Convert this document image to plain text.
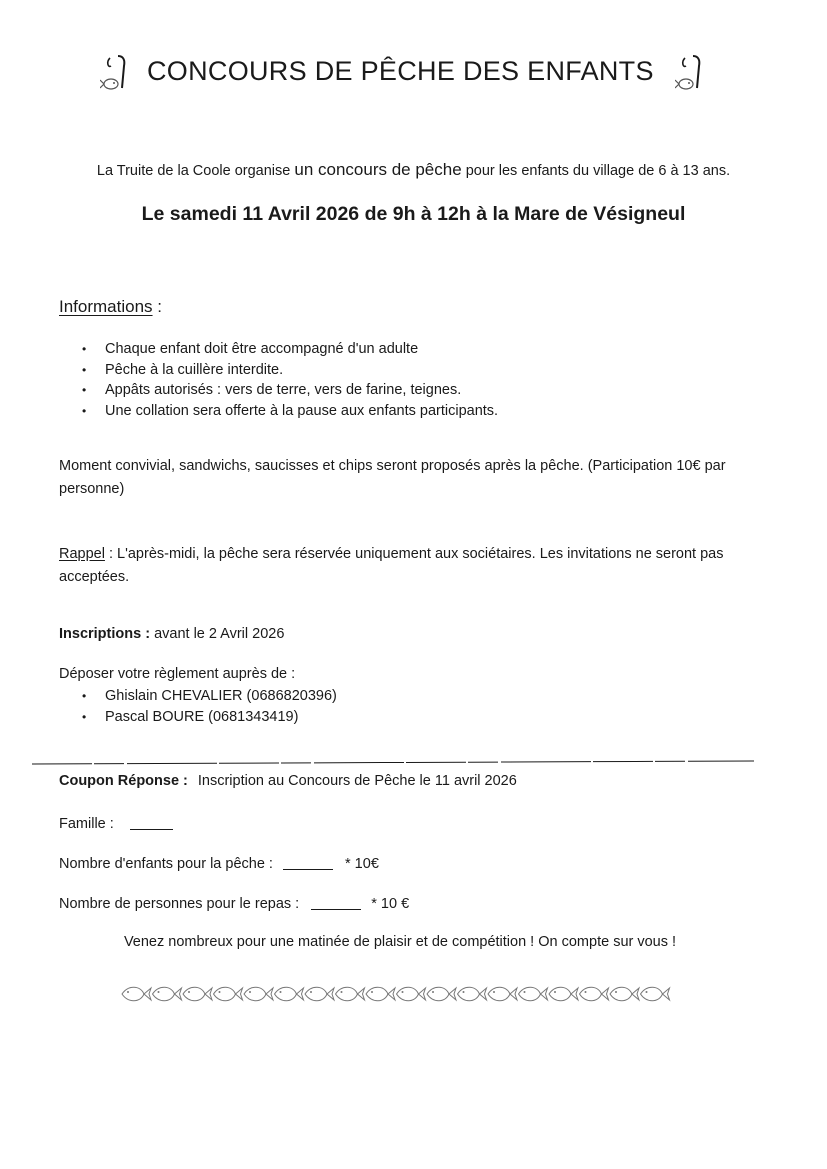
CONCOURS DE PÊCHE DES ENFANTS
La Truite de la Coole organise un concours de pêche pour les enfants du village de 6 à 13 ans.
Le samedi 11 Avril 2026 de 9h à 12h à la Mare de Vésigneul
Informations :
• Chaque enfant doit être accompagné d'un adulte
• Pêche à la cuillère interdite.
• Appâts autorisés : vers de terre, vers de farine, teignes.
• Une collation sera offerte à la pause aux enfants participants.
Moment convivial, sandwichs, saucisses et chips seront proposés après la pêche. (Participation 10€ par personne)
Rappel : L'après-midi, la pêche sera réservée uniquement aux sociétaires. Les invitations ne seront pas acceptées.
Inscriptions : avant le 2 Avril 2026
Déposer votre règlement auprès de :
• Ghislain CHEVALIER (0686820396)
• Pascal BOURE (0681343419)
Coupon Réponse : Inscription au Concours de Pêche le 11 avril 2026
Famille :
Nombre d'enfants pour la pêche :	* 10€
Nombre de personnes pour le repas :	* 10 €
Venez nombreux pour une matinée de plaisir et de compétition ! On compte sur vous !
